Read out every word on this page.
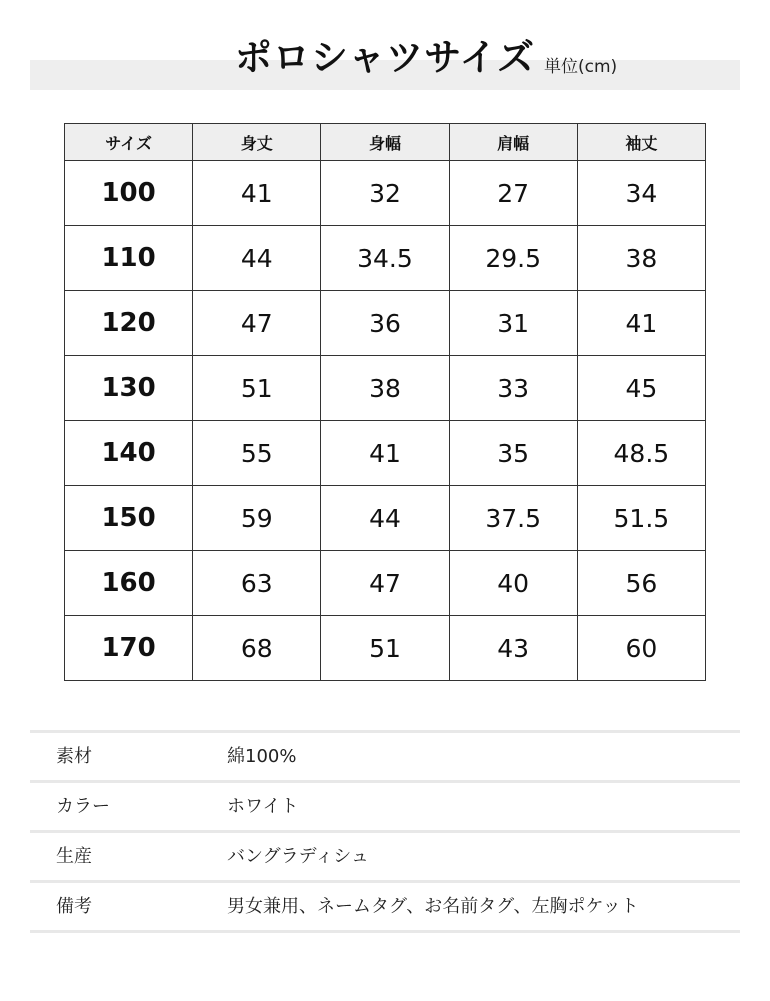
ポロシャツサイズ 単位(cm)
サイズ	身丈	身幅	肩幅	袖丈
100	41	32	27	34
110	44	34.5	29.5	38
120	47	36	31	41
130	51	38	33	45
140	55	41	35	48.5
150	59	44	37.5	51.5
160	63	47	40	56
170	68	51	43	60
素材	綿100%
カラー	ホワイト
生産	バングラディシュ
備考	男女兼用、ネームタグ、お名前タグ、左胸ポケット
